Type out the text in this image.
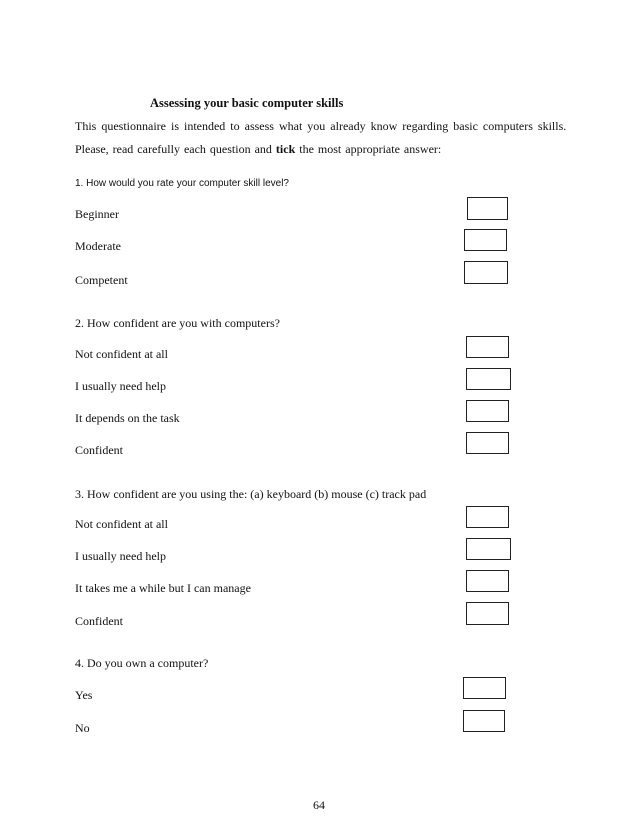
Assessing your basic computer skills
This questionnaire is intended to assess what you already know regarding basic computers skills.
Please, read carefully each question and tick the most appropriate answer:
1. How would you rate your computer skill level?
Beginner
Moderate
Competent
2. How confident are you with computers?
Not confident at all
I usually need help
It depends on the task
Confident
3. How confident are you using the: (a) keyboard (b) mouse (c) track pad
Not confident at all
I usually need help
It takes me a while but I can manage
Confident
4. Do you own a computer?
Yes
No
64
